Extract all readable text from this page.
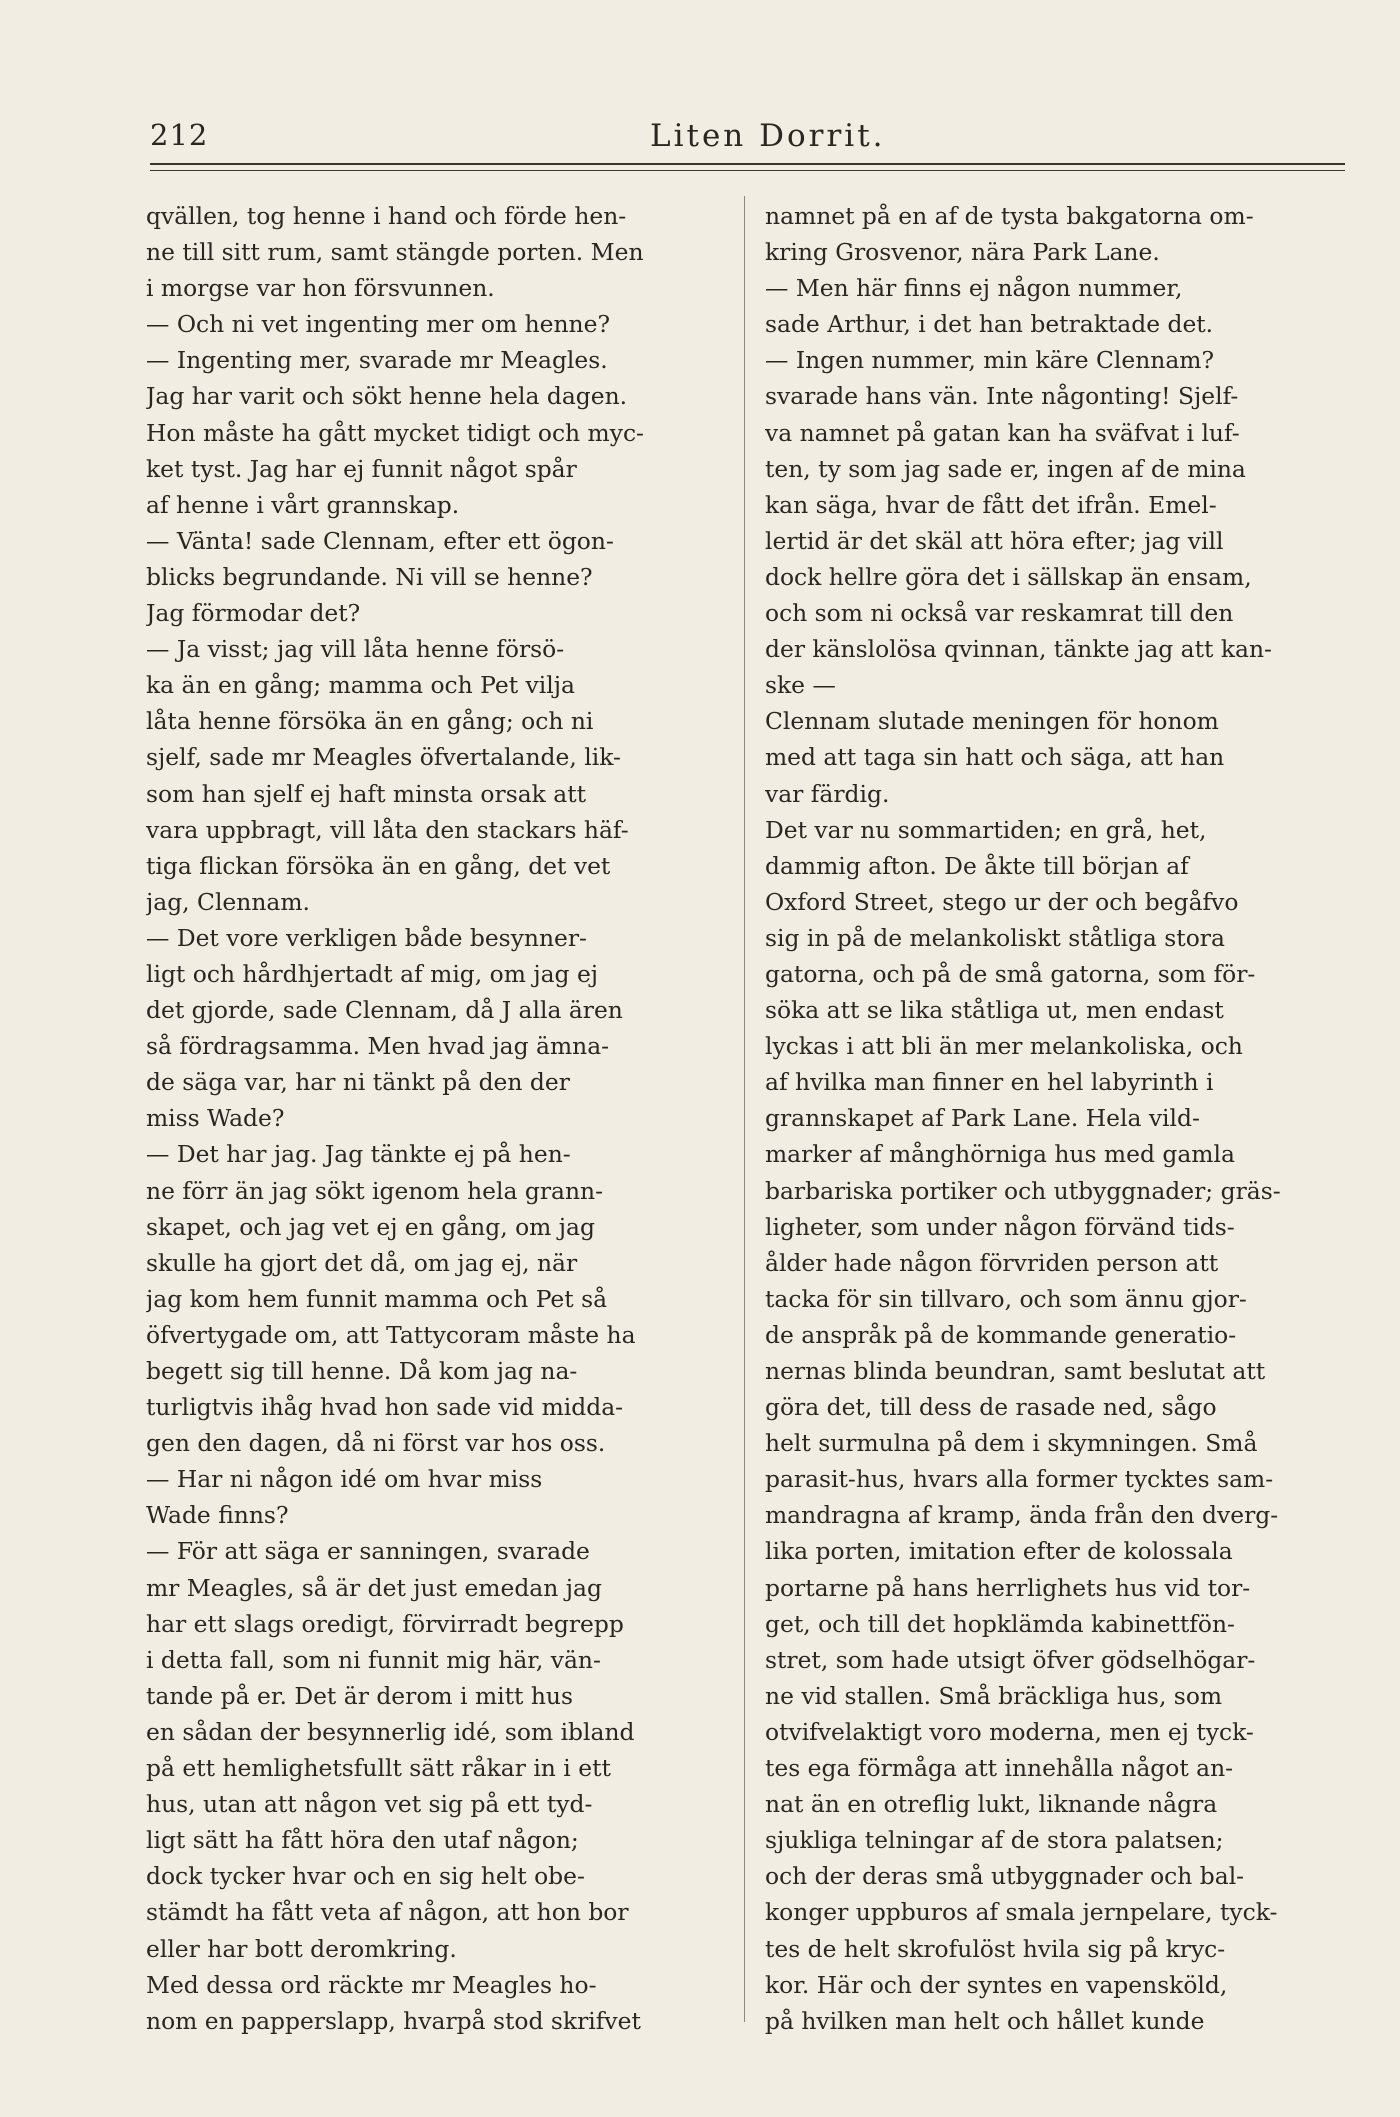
212	Liten Dorrit.
qvällen, tog henne i hand och förde hen-
ne till sitt rum, samt stängde porten. Men
i morgse var hon försvunnen.
— Och ni vet ingenting mer om henne?
— Ingenting mer, svarade mr Meagles.
Jag har varit och sökt henne hela dagen.
Hon måste ha gått mycket tidigt och myc-
ket tyst. Jag har ej funnit något spår
af henne i vårt grannskap.
— Vänta! sade Clennam, efter ett ögon-
blicks begrundande. Ni vill se henne?
Jag förmodar det?
— Ja visst; jag vill låta henne försö-
ka än en gång; mamma och Pet vilja
låta henne försöka än en gång; och ni
sjelf, sade mr Meagles öfvertalande, lik-
som han sjelf ej haft minsta orsak att
vara uppbragt, vill låta den stackars häf-
tiga flickan försöka än en gång, det vet
jag, Clennam.
— Det vore verkligen både besynner-
ligt och hårdhjertadt af mig, om jag ej
det gjorde, sade Clennam, då J alla ären
så fördragsamma. Men hvad jag ämna-
de säga var, har ni tänkt på den der
miss Wade?
— Det har jag. Jag tänkte ej på hen-
ne förr än jag sökt igenom hela grann-
skapet, och jag vet ej en gång, om jag
skulle ha gjort det då, om jag ej, när
jag kom hem funnit mamma och Pet så
öfvertygade om, att Tattycoram måste ha
begett sig till henne. Då kom jag na-
turligtvis ihåg hvad hon sade vid midda-
gen den dagen, då ni först var hos oss.
— Har ni någon idé om hvar miss
Wade finns?
— För att säga er sanningen, svarade
mr Meagles, så är det just emedan jag
har ett slags oredigt, förvirradt begrepp
i detta fall, som ni funnit mig här, vän-
tande på er. Det är derom i mitt hus
en sådan der besynnerlig idé, som ibland
på ett hemlighetsfullt sätt råkar in i ett
hus, utan att någon vet sig på ett tyd-
ligt sätt ha fått höra den utaf någon;
dock tycker hvar och en sig helt obe-
stämdt ha fått veta af någon, att hon bor
eller har bott deromkring.
Med dessa ord räckte mr Meagles ho-
nom en papperslapp, hvarpå stod skrifvet
namnet på en af de tysta bakgatorna om-
kring Grosvenor, nära Park Lane.
— Men här finns ej någon nummer,
sade Arthur, i det han betraktade det.
— Ingen nummer, min käre Clennam?
svarade hans vän. Inte någonting! Sjelf-
va namnet på gatan kan ha sväfvat i luf-
ten, ty som jag sade er, ingen af de mina
kan säga, hvar de fått det ifrån. Emel-
lertid är det skäl att höra efter; jag vill
dock hellre göra det i sällskap än ensam,
och som ni också var reskamrat till den
der känslolösa qvinnan, tänkte jag att kan-
ske —
Clennam slutade meningen för honom
med att taga sin hatt och säga, att han
var färdig.
Det var nu sommartiden; en grå, het,
dammig afton. De åkte till början af
Oxford Street, stego ur der och begåfvo
sig in på de melankoliskt ståtliga stora
gatorna, och på de små gatorna, som för-
söka att se lika ståtliga ut, men endast
lyckas i att bli än mer melankoliska, och
af hvilka man finner en hel labyrinth i
grannskapet af Park Lane. Hela vild-
marker af månghörniga hus med gamla
barbariska portiker och utbyggnader; gräs-
ligheter, som under någon förvänd tids-
ålder hade någon förvriden person att
tacka för sin tillvaro, och som ännu gjor-
de anspråk på de kommande generatio-
nernas blinda beundran, samt beslutat att
göra det, till dess de rasade ned, sågo
helt surmulna på dem i skymningen. Små
parasit-hus, hvars alla former tycktes sam-
mandragna af kramp, ända från den dverg-
lika porten, imitation efter de kolossala
portarne på hans herrlighets hus vid tor-
get, och till det hopklämda kabinettfön-
stret, som hade utsigt öfver gödselhögar-
ne vid stallen. Små bräckliga hus, som
otvifvelaktigt voro moderna, men ej tyck-
tes ega förmåga att innehålla något an-
nat än en otreflig lukt, liknande några
sjukliga telningar af de stora palatsen;
och der deras små utbyggnader och bal-
konger uppburos af smala jernpelare, tyck-
tes de helt skrofulöst hvila sig på kryc-
kor. Här och der syntes en vapensköld,
på hvilken man helt och hållet kunde
